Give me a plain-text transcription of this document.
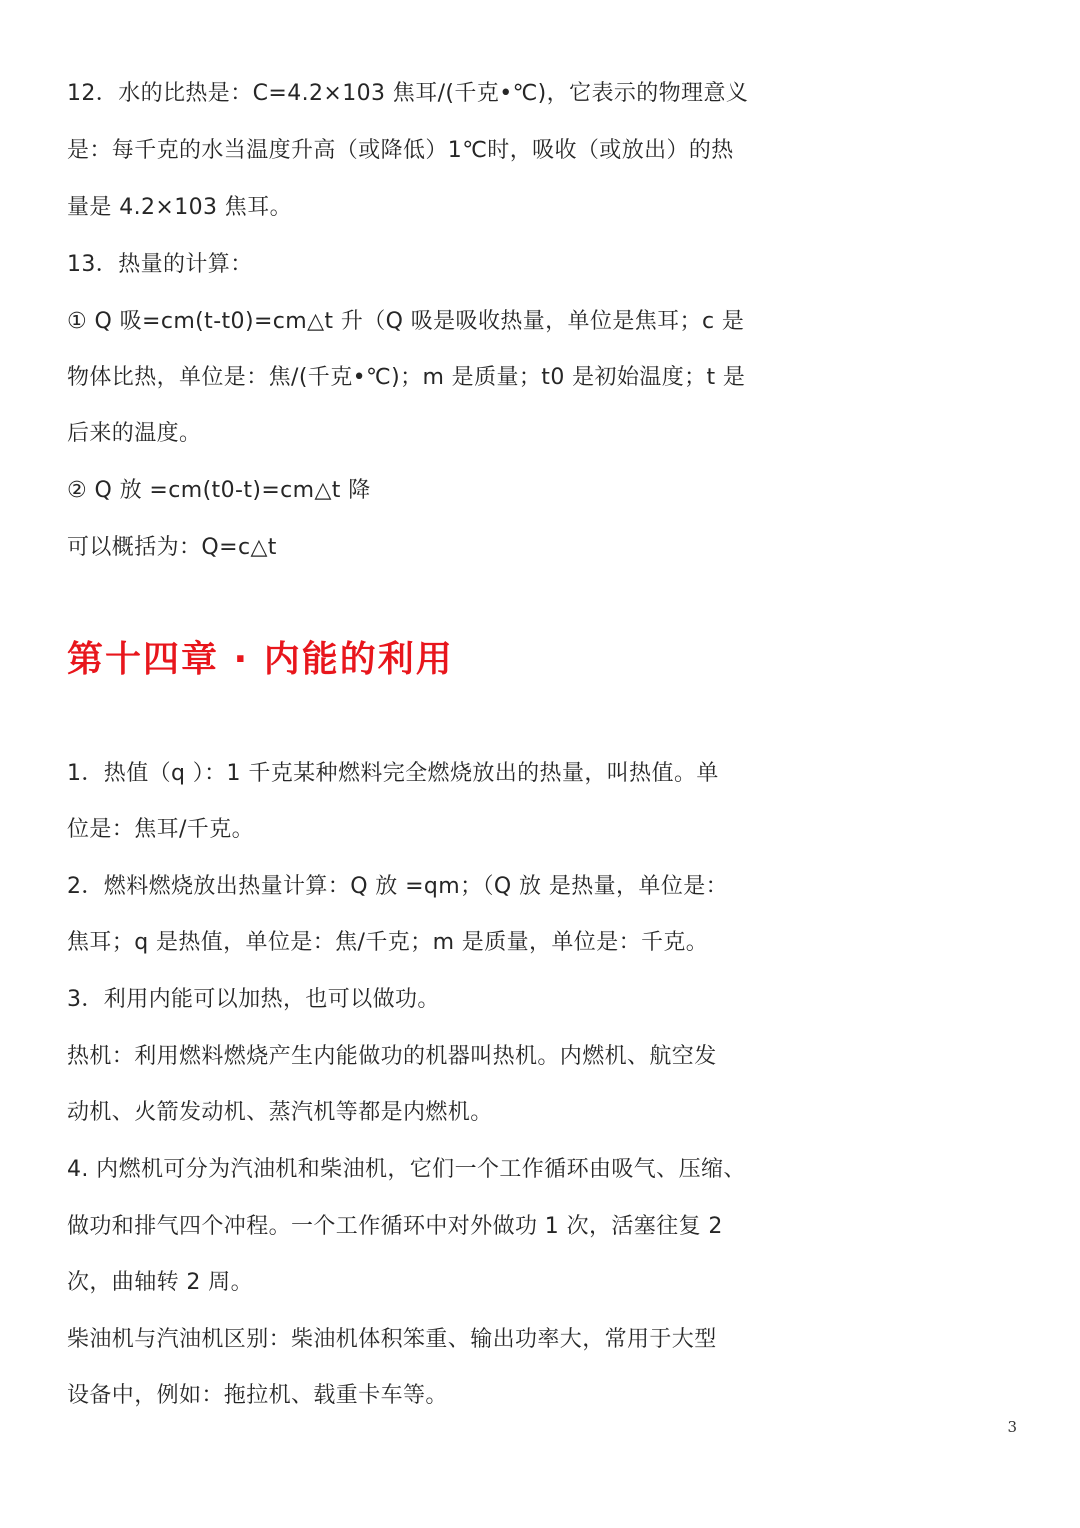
12．水的比热是：C=4.2×103 焦耳/(千克•℃)，它表示的物理意义
是：每千克的水当温度升高（或降低）1℃时，吸收（或放出）的热
量是 4.2×103 焦耳。
13．热量的计算：
① Q 吸=cm(t-t0)=cm△t 升（Q 吸是吸收热量，单位是焦耳；c 是
物体比热，单位是：焦/(千克•℃)；m 是质量；t0 是初始温度；t 是
后来的温度。
② Q 放 =cm(t0-t)=cm△t 降
可以概括为：Q=c△t
第十四章 · 内能的利用
1．热值（q ）：1 千克某种燃料完全燃烧放出的热量，叫热值。单
位是：焦耳/千克。
2．燃料燃烧放出热量计算：Q 放 =qm；（Q 放 是热量，单位是：
焦耳；q 是热值，单位是：焦/千克；m 是质量，单位是：千克。
3．利用内能可以加热，也可以做功。
热机：利用燃料燃烧产生内能做功的机器叫热机。内燃机、航空发
动机、火箭发动机、蒸汽机等都是内燃机。
4. 内燃机可分为汽油机和柴油机，它们一个工作循环由吸气、压缩、
做功和排气四个冲程。一个工作循环中对外做功 1 次，活塞往复 2
次，曲轴转 2 周。
柴油机与汽油机区别：柴油机体积笨重、输出功率大，常用于大型
设备中，例如：拖拉机、载重卡车等。
3
